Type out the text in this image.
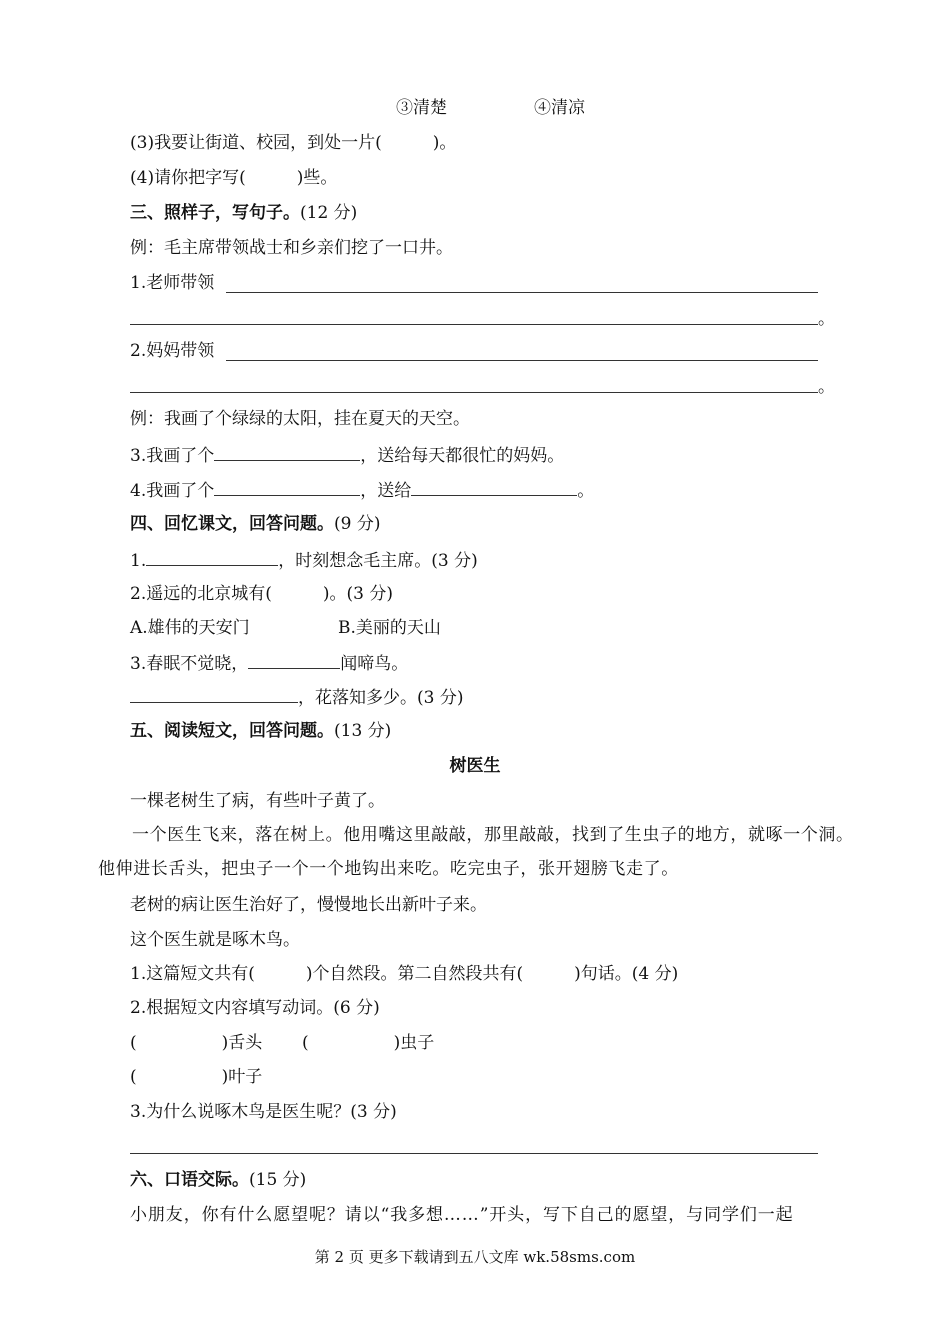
③清楚	④清凉
(3)我要让街道、校园，到处一片(　　　)。
(4)请你把字写(　　　)些。
三、照样子，写句子。(12 分)
例：毛主席带领战士和乡亲们挖了一口井。
1.老师带领
。
2.妈妈带领
。
例：我画了个绿绿的太阳，挂在夏天的天空。
3.我画了个	，送给每天都很忙的妈妈。
4.我画了个	，送给	。
四、回忆课文，回答问题。(9 分)
1.	，时刻想念毛主席。(3 分)
2.遥远的北京城有(　　　)。(3 分)
A.雄伟的天安门	B.美丽的天山
3.春眠不觉晓，	闻啼鸟。
，花落知多少。(3 分)
五、阅读短文，回答问题。(13 分)
树医生
一棵老树生了病，有些叶子黄了。
一个医生飞来，落在树上。他用嘴这里敲敲，那里敲敲，找到了生虫子的地方，就啄一个洞。他伸进长舌头，把虫子一个一个地钩出来吃。吃完虫子，张开翅膀飞走了。
老树的病让医生治好了，慢慢地长出新叶子来。
这个医生就是啄木鸟。
1.这篇短文共有(　　　)个自然段。第二自然段共有(　　　)句话。(4 分)
2.根据短文内容填写动词。(6 分)
(　　　　　)舌头 (　　　　　)虫子
(　　　　　)叶子
3.为什么说啄木鸟是医生呢？(3 分)
六、口语交际。(15 分)
小朋友，你有什么愿望呢？请以“我多想……”开头，写下自己的愿望，与同学们一起
第 2 页 更多下载请到五八文库 wk.58sms.com
